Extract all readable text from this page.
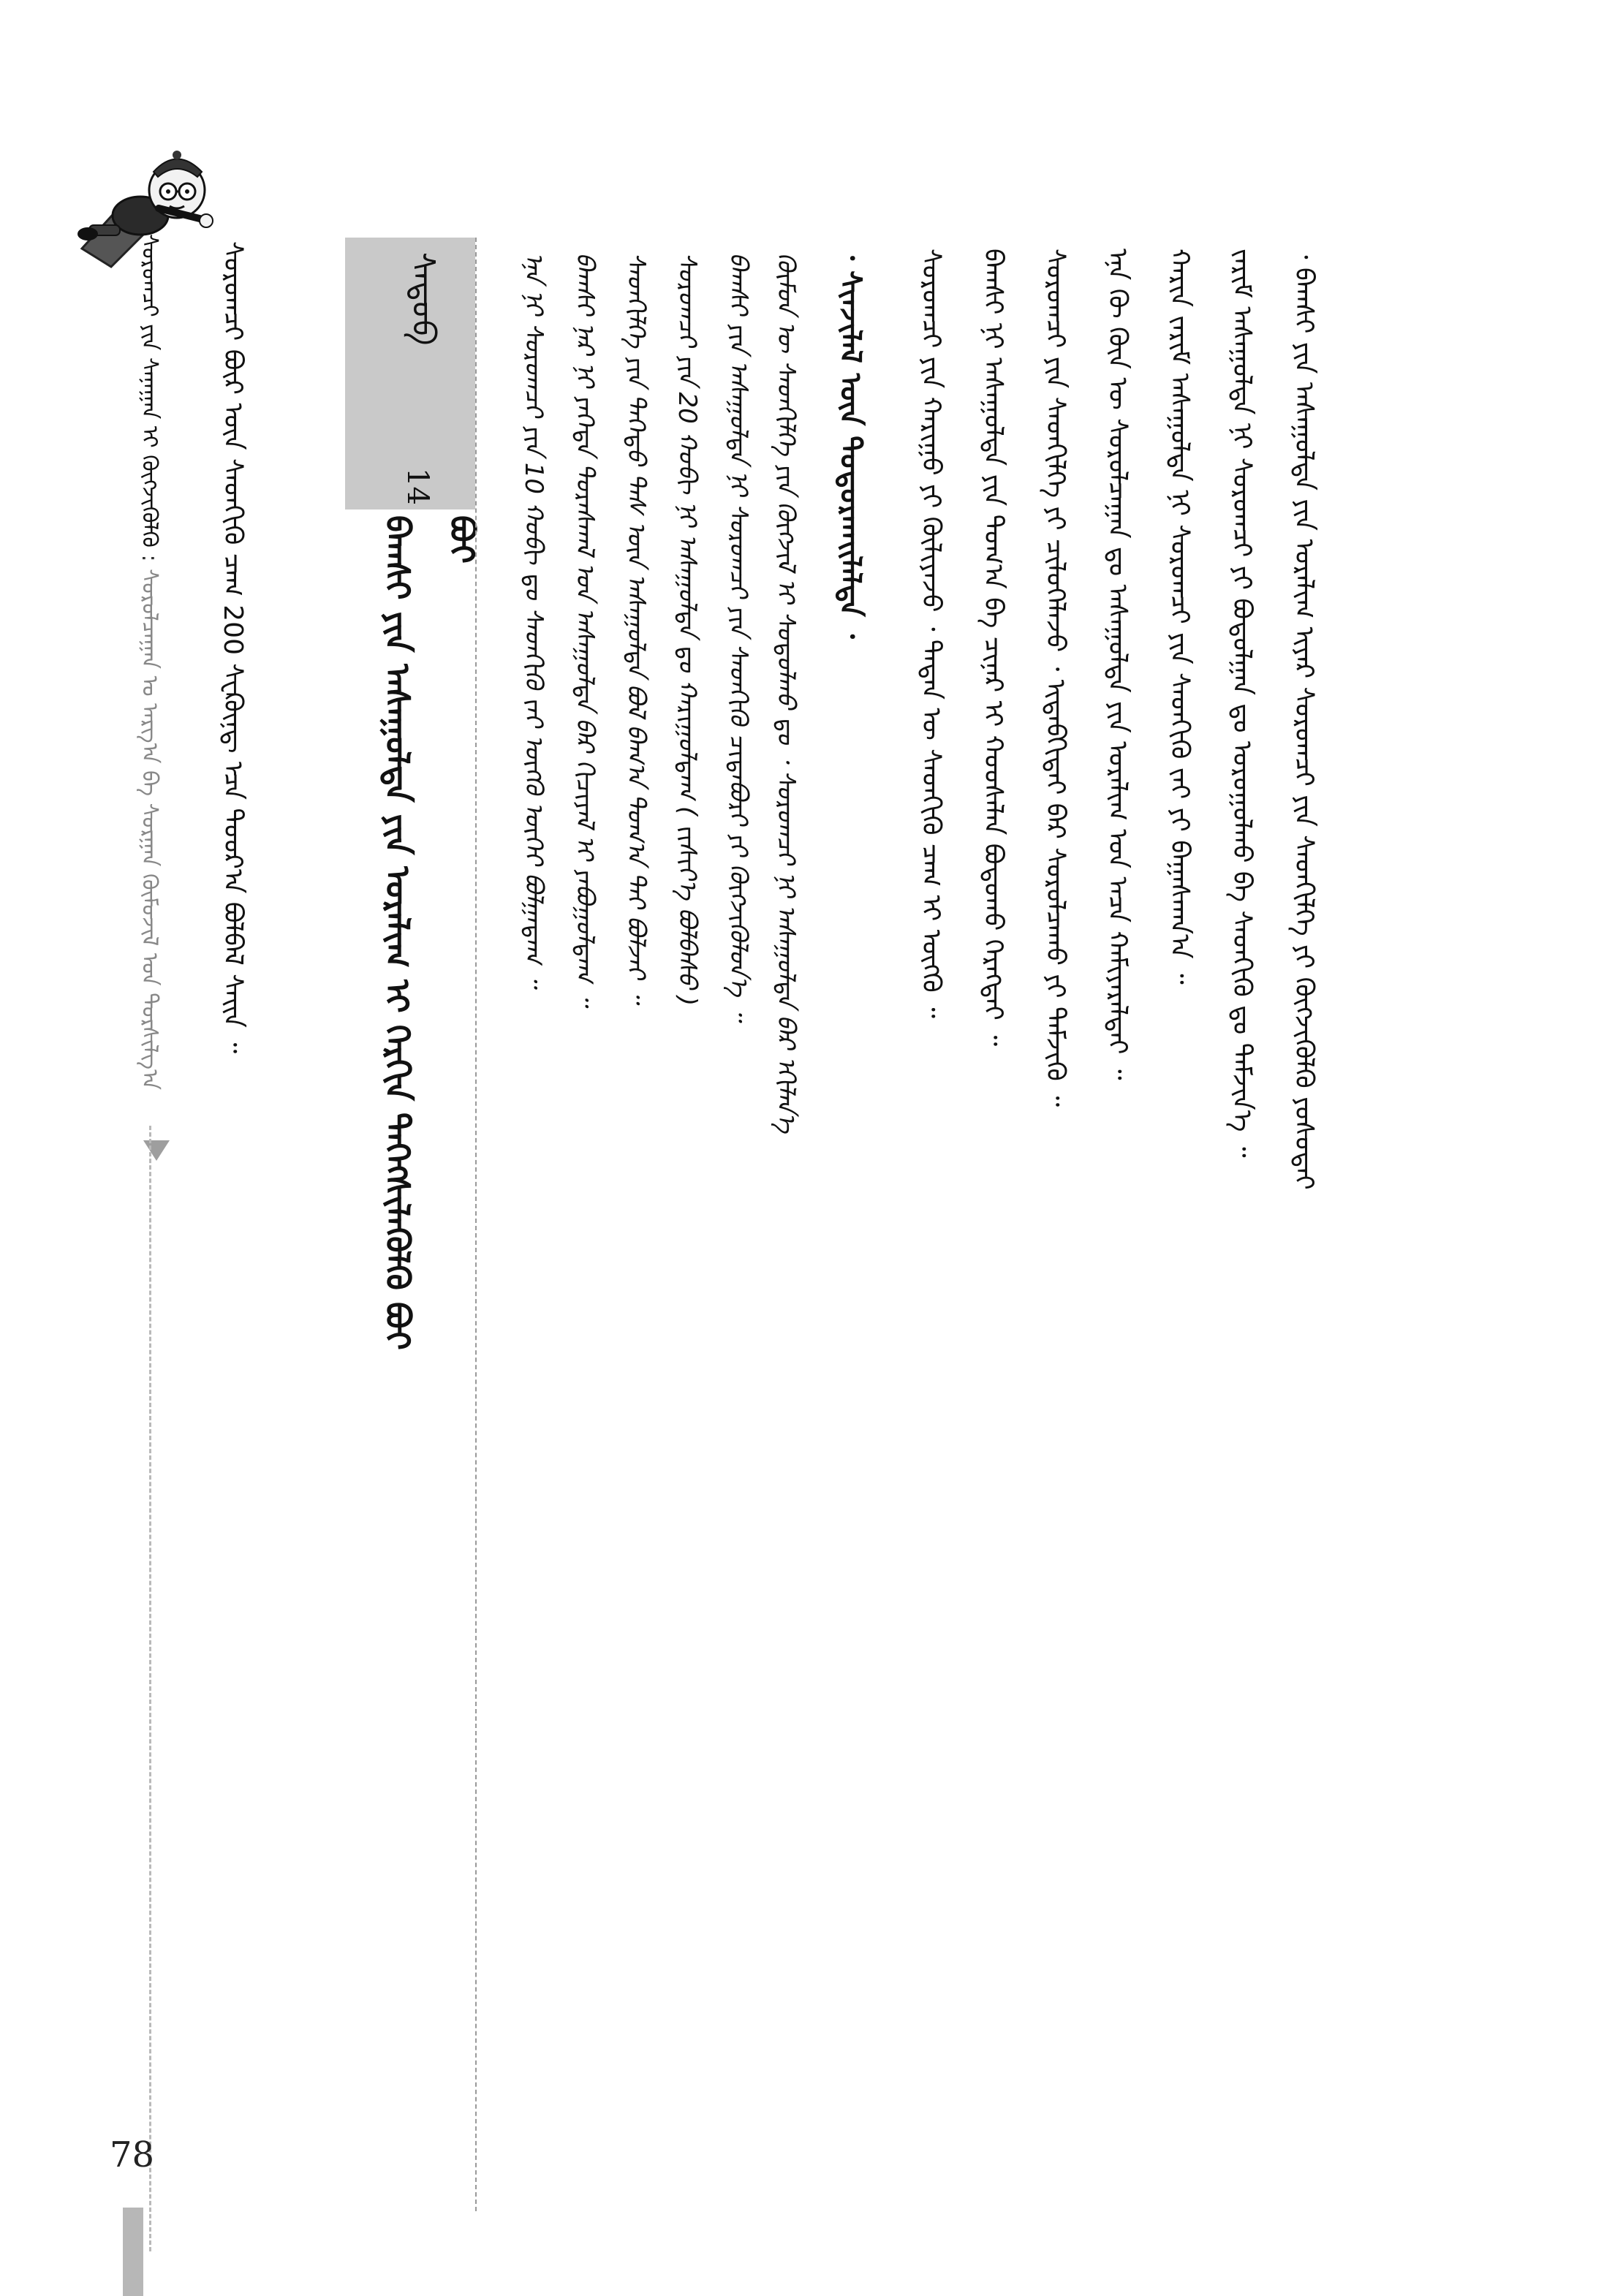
ᠰᠤᠷᠤᠭᠴᠢ ᠶᠢᠨ ᠰᠠᠨᠠᠭᠠᠨ ᠢ ᠬᠥᠭᠵᠢᠭᠦᠯᠬᠦ : ᠰᠤᠷᠤᠯᠴᠠᠭᠠᠨ ᠤ ᠠᠷᠭ᠎ᠠ ᠪᠠ ᠰᠤᠷᠭᠠᠨ ᠬᠦᠮᠦᠵᠢᠯ ᠤᠨ ᠲᠤᠷᠰᠢᠯᠭ᠎ᠠ ᠰᠤᠷᠤᠭᠴᠢ ᠪᠦᠷ ᠦᠨ ᠰᠡᠳᠬᠢᠬᠦ ᠴᠠᠭ 200 ᠰᠸᠺᠦ᠋ᠨ᠋ᠳ᠋ ᠡᠴᠡ ᠳᠣᠣᠷ᠎ᠠ ᠪᠣᠯᠪᠠᠯ ᠰᠠᠢᠨ ᠃	ᠰᠡᠳᠦᠪ
14
ᠪᠠᠭᠰᠢ ᠶᠢᠨ ᠠᠰᠠᠭᠤᠯᠲᠠ ᠶᠢᠨ ᠤᠷᠠᠯᠢᠭ ᠢ ᠬᠡᠷᠬᠢᠨ ᠳᠡᠭᠡᠭᠰᠢᠯᠡᠭᠦᠯᠬᠦ ᠪᠤᠢ ᠪᠤᠢ	ᠡᠨᠡ ᠨᠢ ᠰᠤᠷᠤᠭᠴᠢ ᠶᠢᠨ 10 ᠬᠤᠪᠢ ᠳᠤ ᠰᠡᠳᠬᠢᠬᠦ ᠵᠠᠢ ᠥᠭᠬᠦ ᠦᠭᠡᠢ ᠪᠣᠯᠭᠠᠳᠠᠭ ᠃ ᠪᠠᠭᠰᠢ ᠨᠠᠷ ᠨᠢ ᠶᠡᠬᠡᠳᠡ ᠳᠤᠷᠠᠰᠬᠠᠯ ᠤᠨ ᠠᠰᠠᠭᠤᠯᠲᠠ ᠪᠠᠷ ᠬᠢᠴᠢᠶᠡᠯ ᠢ ᠶᠠᠪᠤᠭᠤᠯᠳᠠᠭ ᠃ ᠰᠡᠳᠬᠢᠯᠭᠡ ᠶᠢᠨ ᠳᠡᠭᠡᠳᠦ ᠳᠡᠰ ᠦᠨ ᠠᠰᠠᠭᠤᠯᠲᠠ ᠪᠣᠯ ᠪᠠᠭ᠎ᠠ ᠲᠣᠭ᠎ᠠ ᠲᠠᠢ ᠪᠣᠯᠵᠠᠢ ᠃ ᠰᠤᠷᠤᠭᠴᠢ ᠶᠢᠨ 20 ᠬᠤᠪᠢ ᠨᠢ ᠠᠰᠠᠭᠤᠯᠲᠠ ᠳᠤ ᠬᠠᠷᠢᠭᠤᠯᠳᠠᠭ ( ᠵᠢᠱᠢᠶ᠎ᠡ ᠪᠣᠯᠪᠠᠰᠤ ) ᠪᠠᠭᠰᠢ ᠶᠢᠨ ᠠᠰᠠᠭᠤᠯᠲᠠ ᠨᠢ ᠰᠤᠷᠤᠭᠴᠢ ᠶᠢᠨ ᠰᠡᠳᠬᠢᠬᠦ ᠴᠢᠳᠠᠪᠤᠷᠢ ᠶᠢ ᠬᠥᠭᠵᠢᠭᠦᠯᠦᠨ᠎ᠡ ᠃ ᠬᠦᠮᠦᠨ ᠦ ᠰᠡᠳᠬᠢᠯᠭᠡ ᠶᠢᠨ ᠬᠥᠭᠵᠢᠯ ᠢ ᠰᠤᠳᠤᠯᠬᠤ ᠳᠤ ᠂ ᠰᠤᠷᠤᠭᠴᠢ ᠨᠢ ᠠᠰᠠᠭᠤᠯᠲᠠ ᠪᠠᠷ ᠡᠬᠢᠯᠡᠨ᠎ᠡ	᠂ ᠰᠢᠨᠵᠢᠯᠡᠯ ᠦᠨ ᠲᠣᠳᠣᠷᠬᠠᠢᠯᠠᠯᠲᠠ ᠂	ᠰᠤᠷᠤᠭᠴᠢ ᠶᠢᠨ ᠬᠠᠷᠢᠭᠤ ᠶᠢ ᠬᠦᠯᠢᠶᠡᠵᠦ ᠂ ᠲᠡᠳᠡᠨ ᠦ ᠰᠡᠳᠬᠢᠬᠦ ᠴᠠᠭ ᠢ ᠥᠭᠬᠦ ᠃ ᠪᠠᠭᠰᠢ ᠨᠢ ᠠᠰᠠᠭᠤᠯᠲᠠ ᠶᠢᠨ ᠲᠣᠭ᠎ᠠ ᠪᠠ ᠴᠢᠨᠠᠷ ᠢ ᠬᠣᠣᠰᠠᠯᠠᠨ ᠪᠣᠳᠣᠬᠤ ᠬᠡᠷᠡᠭᠲᠡᠢ ᠃ ᠰᠤᠷᠤᠭᠴᠢ ᠶᠢᠨ ᠰᠡᠳᠬᠢᠯᠭᠡ ᠶᠢ ᠴᠢᠯᠦᠭᠡᠯᠡᠵᠦ ᠂ ᠢᠳᠡᠪᠬᠢᠲᠡᠢ ᠪᠡᠷ ᠰᠤᠷᠤᠯᠴᠠᠬᠤ ᠶᠢ ᠳᠡᠮᠵᠢᠬᠦ ᠃ ᠡᠨᠡ ᠬᠦ ᠬᠥᠨ ᠦ ᠰᠤᠷᠤᠯᠴᠠᠭᠠᠨ ᠳᠤ ᠠᠰᠠᠭᠤᠯᠲᠠ ᠶᠢᠨ ᠤᠷᠠᠯᠢᠭ ᠤᠨ ᠠᠴᠠ ᠬᠠᠮᠢᠶᠠᠷᠠᠯᠲᠠᠢ ᠃ ᠬᠠᠷᠢᠨ ᠵᠠᠷᠢᠮ ᠠᠰᠠᠭᠤᠯᠲᠠ ᠨᠢ ᠰᠤᠷᠤᠭᠴᠢ ᠶᠢᠨ ᠰᠡᠳᠬᠢᠬᠦ ᠵᠠᠢ ᠶᠢ ᠪᠠᠭᠠᠰᠭᠠᠨ᠎ᠠ ᠃ ᠵᠠᠷᠢᠮ ᠠᠰᠠᠭᠤᠯᠲᠠ ᠨᠢ ᠰᠤᠷᠤᠭᠴᠢ ᠶᠢ ᠪᠣᠳᠤᠯᠭᠠᠨ ᠳᠤ ᠣᠷᠣᠭᠤᠯᠬᠤ ᠪᠠ ᠰᠡᠳᠬᠢᠬᠦ ᠳᠤ ᠳᠡᠮᠵᠢᠨ᠎ᠡ ᠃ ᠂ ᠪᠠᠭᠰᠢ ᠶᠢᠨ ᠠᠰᠠᠭᠤᠯᠲᠠ ᠶᠢᠨ ᠤᠷᠠᠯᠢᠭ ᠢᠶᠠᠷ ᠰᠤᠷᠤᠭᠴᠢ ᠶᠢᠨ ᠰᠡᠳᠬᠢᠯᠭᠡ ᠶᠢ ᠬᠥᠭᠵᠢᠭᠦᠯᠬᠦ ᠶᠤᠰᠤᠲᠠᠢ
78
